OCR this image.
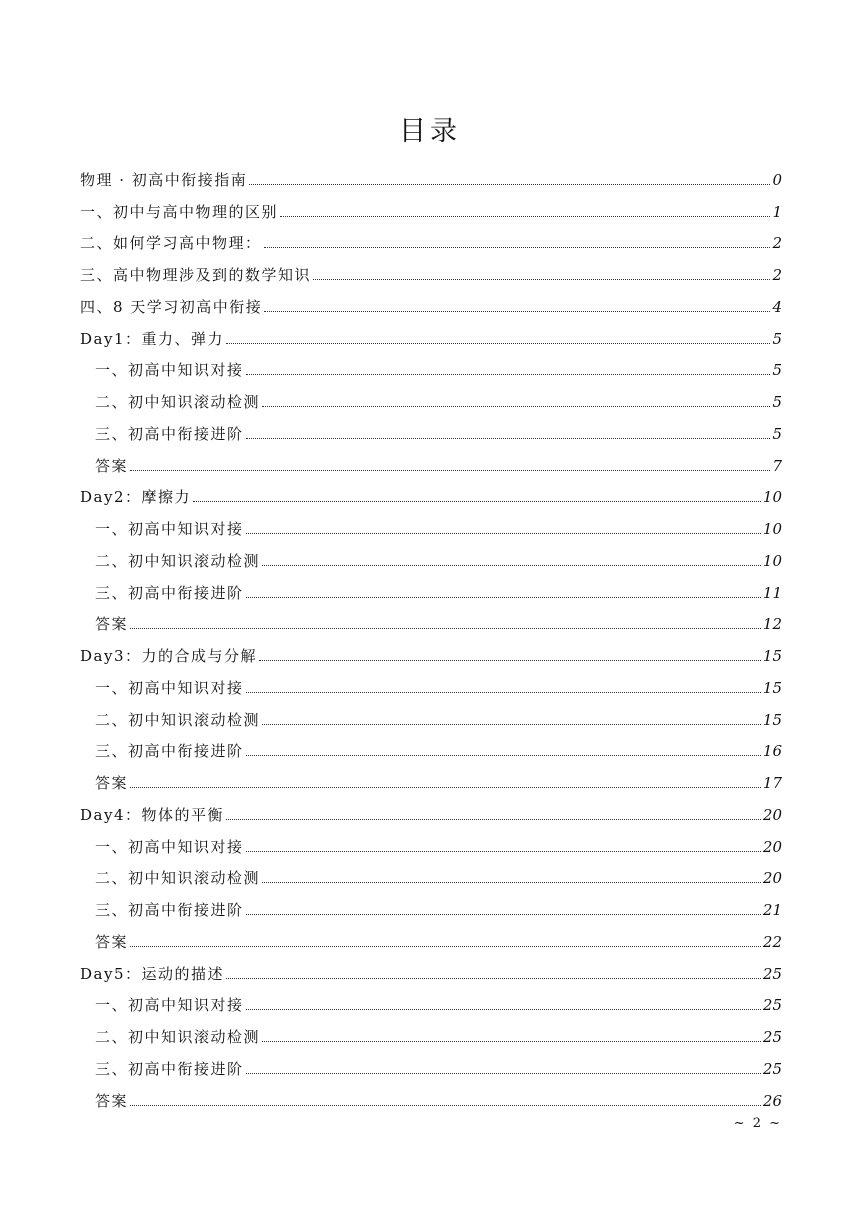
目录
物理 · 初高中衔接指南	0
一、初中与高中物理的区别	1
二、如何学习高中物理：	2
三、高中物理涉及到的数学知识	2
四、8 天学习初高中衔接	4
Day1：重力、弹力	5
一、初高中知识对接	5
二、初中知识滚动检测	5
三、初高中衔接进阶	5
答案	7
Day2：摩擦力	10
一、初高中知识对接	10
二、初中知识滚动检测	10
三、初高中衔接进阶	11
答案	12
Day3：力的合成与分解	15
一、初高中知识对接	15
二、初中知识滚动检测	15
三、初高中衔接进阶	16
答案	17
Day4：物体的平衡	20
一、初高中知识对接	20
二、初中知识滚动检测	20
三、初高中衔接进阶	21
答案	22
Day5：运动的描述	25
一、初高中知识对接	25
二、初中知识滚动检测	25
三、初高中衔接进阶	25
答案	26
~ 2 ~
